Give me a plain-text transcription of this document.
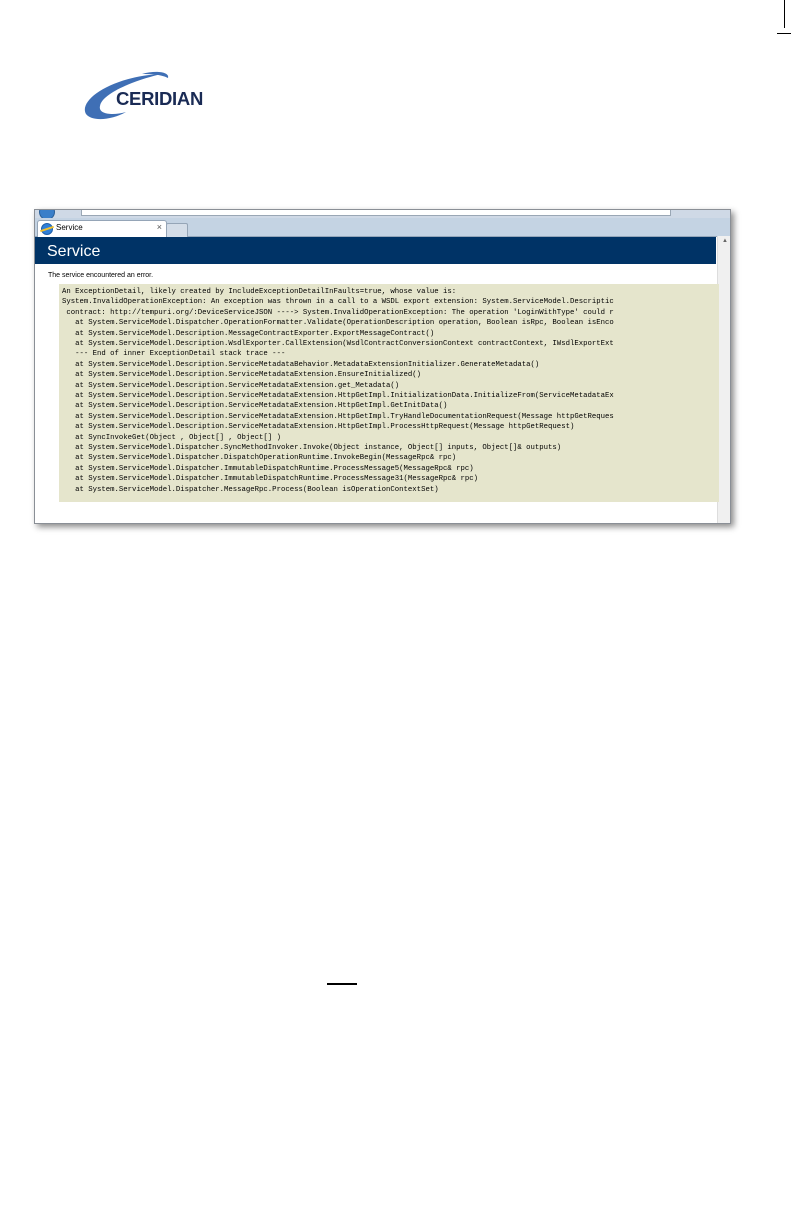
CERIDIAN
Service	×
Service
▲
The service encountered an error.
An ExceptionDetail, likely created by IncludeExceptionDetailInFaults=true, whose value is:
System.InvalidOperationException: An exception was thrown in a call to a WSDL export extension: System.ServiceModel.Descriptic
contract: http://tempuri.org/:DeviceServiceJSON ----> System.InvalidOperationException: The operation 'LoginWithType' could r
at System.ServiceModel.Dispatcher.OperationFormatter.Validate(OperationDescription operation, Boolean isRpc, Boolean isEnco
at System.ServiceModel.Description.MessageContractExporter.ExportMessageContract()
at System.ServiceModel.Description.WsdlExporter.CallExtension(WsdlContractConversionContext contractContext, IWsdlExportExt
--- End of inner ExceptionDetail stack trace ---
at System.ServiceModel.Description.ServiceMetadataBehavior.MetadataExtensionInitializer.GenerateMetadata()
at System.ServiceModel.Description.ServiceMetadataExtension.EnsureInitialized()
at System.ServiceModel.Description.ServiceMetadataExtension.get_Metadata()
at System.ServiceModel.Description.ServiceMetadataExtension.HttpGetImpl.InitializationData.InitializeFrom(ServiceMetadataEx
at System.ServiceModel.Description.ServiceMetadataExtension.HttpGetImpl.GetInitData()
at System.ServiceModel.Description.ServiceMetadataExtension.HttpGetImpl.TryHandleDocumentationRequest(Message httpGetReques
at System.ServiceModel.Description.ServiceMetadataExtension.HttpGetImpl.ProcessHttpRequest(Message httpGetRequest)
at SyncInvokeGet(Object , Object[] , Object[] )
at System.ServiceModel.Dispatcher.SyncMethodInvoker.Invoke(Object instance, Object[] inputs, Object[]& outputs)
at System.ServiceModel.Dispatcher.DispatchOperationRuntime.InvokeBegin(MessageRpc& rpc)
at System.ServiceModel.Dispatcher.ImmutableDispatchRuntime.ProcessMessage5(MessageRpc& rpc)
at System.ServiceModel.Dispatcher.ImmutableDispatchRuntime.ProcessMessage31(MessageRpc& rpc)
at System.ServiceModel.Dispatcher.MessageRpc.Process(Boolean isOperationContextSet)
